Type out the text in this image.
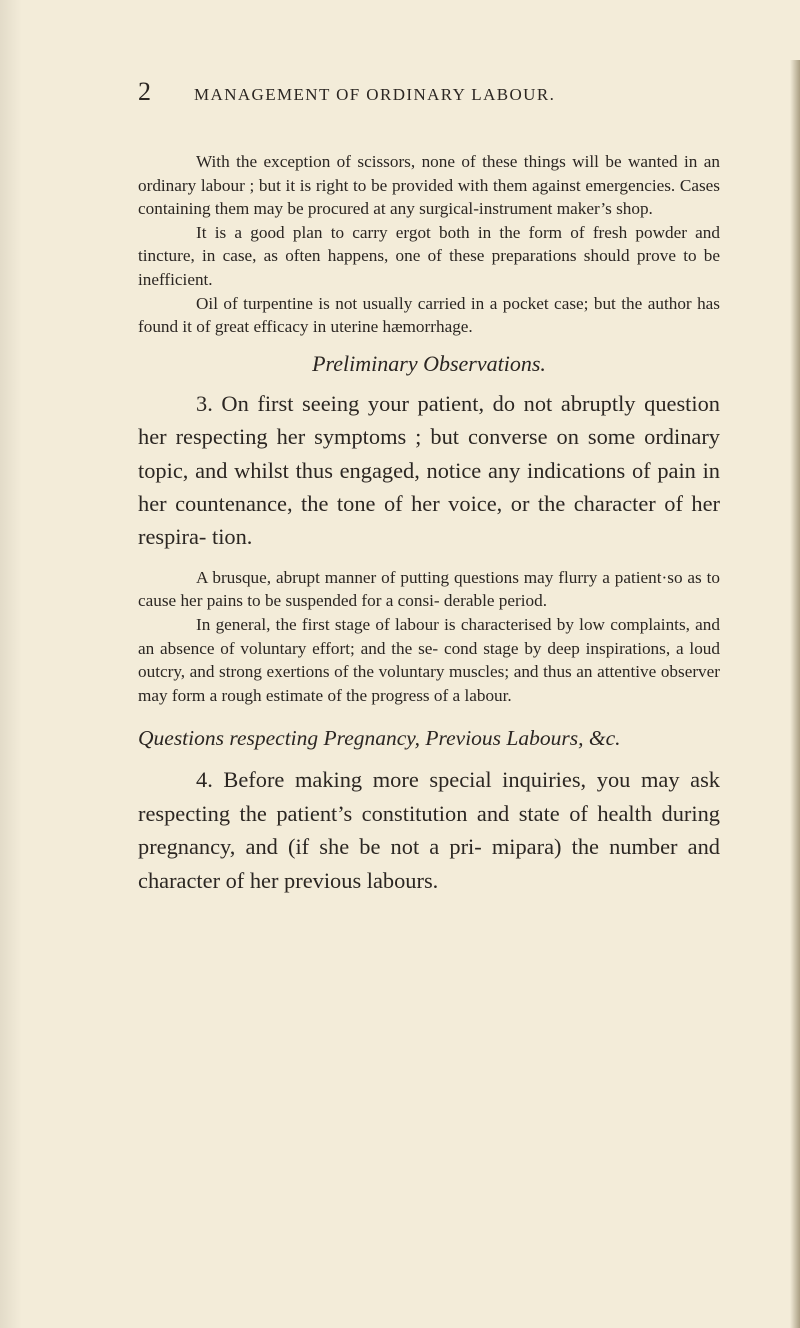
2	MANAGEMENT OF ORDINARY LABOUR.

With the exception of scissors, none of these things will be wanted in an ordinary labour ; but it is right to be provided with them against emergencies. Cases containing them may be procured at any surgical-instrument maker’s shop.

It is a good plan to carry ergot both in the form of fresh powder and tincture, in case, as often happens, one of these preparations should prove to be inefficient.

Oil of turpentine is not usually carried in a pocket case; but the author has found it of great efficacy in uterine hæmorrhage.

Preliminary Observations.

3. On first seeing your patient, do not abruptly question her respecting her symptoms ; but converse on some ordinary topic, and whilst thus engaged, notice any indications of pain in her countenance, the tone of her voice, or the character of her respira- tion.

A brusque, abrupt manner of putting questions may flurry a patient·so as to cause her pains to be suspended for a consi- derable period.

In general, the first stage of labour is characterised by low complaints, and an absence of voluntary effort; and the se- cond stage by deep inspirations, a loud outcry, and strong exertions of the voluntary muscles; and thus an attentive observer may form a rough estimate of the progress of a labour.

Questions respecting Pregnancy, Previous Labours, &c.

4. Before making more special inquiries, you may ask respecting the patient’s constitution and state of health during pregnancy, and (if she be not a pri- mipara) the number and character of her previous labours.
